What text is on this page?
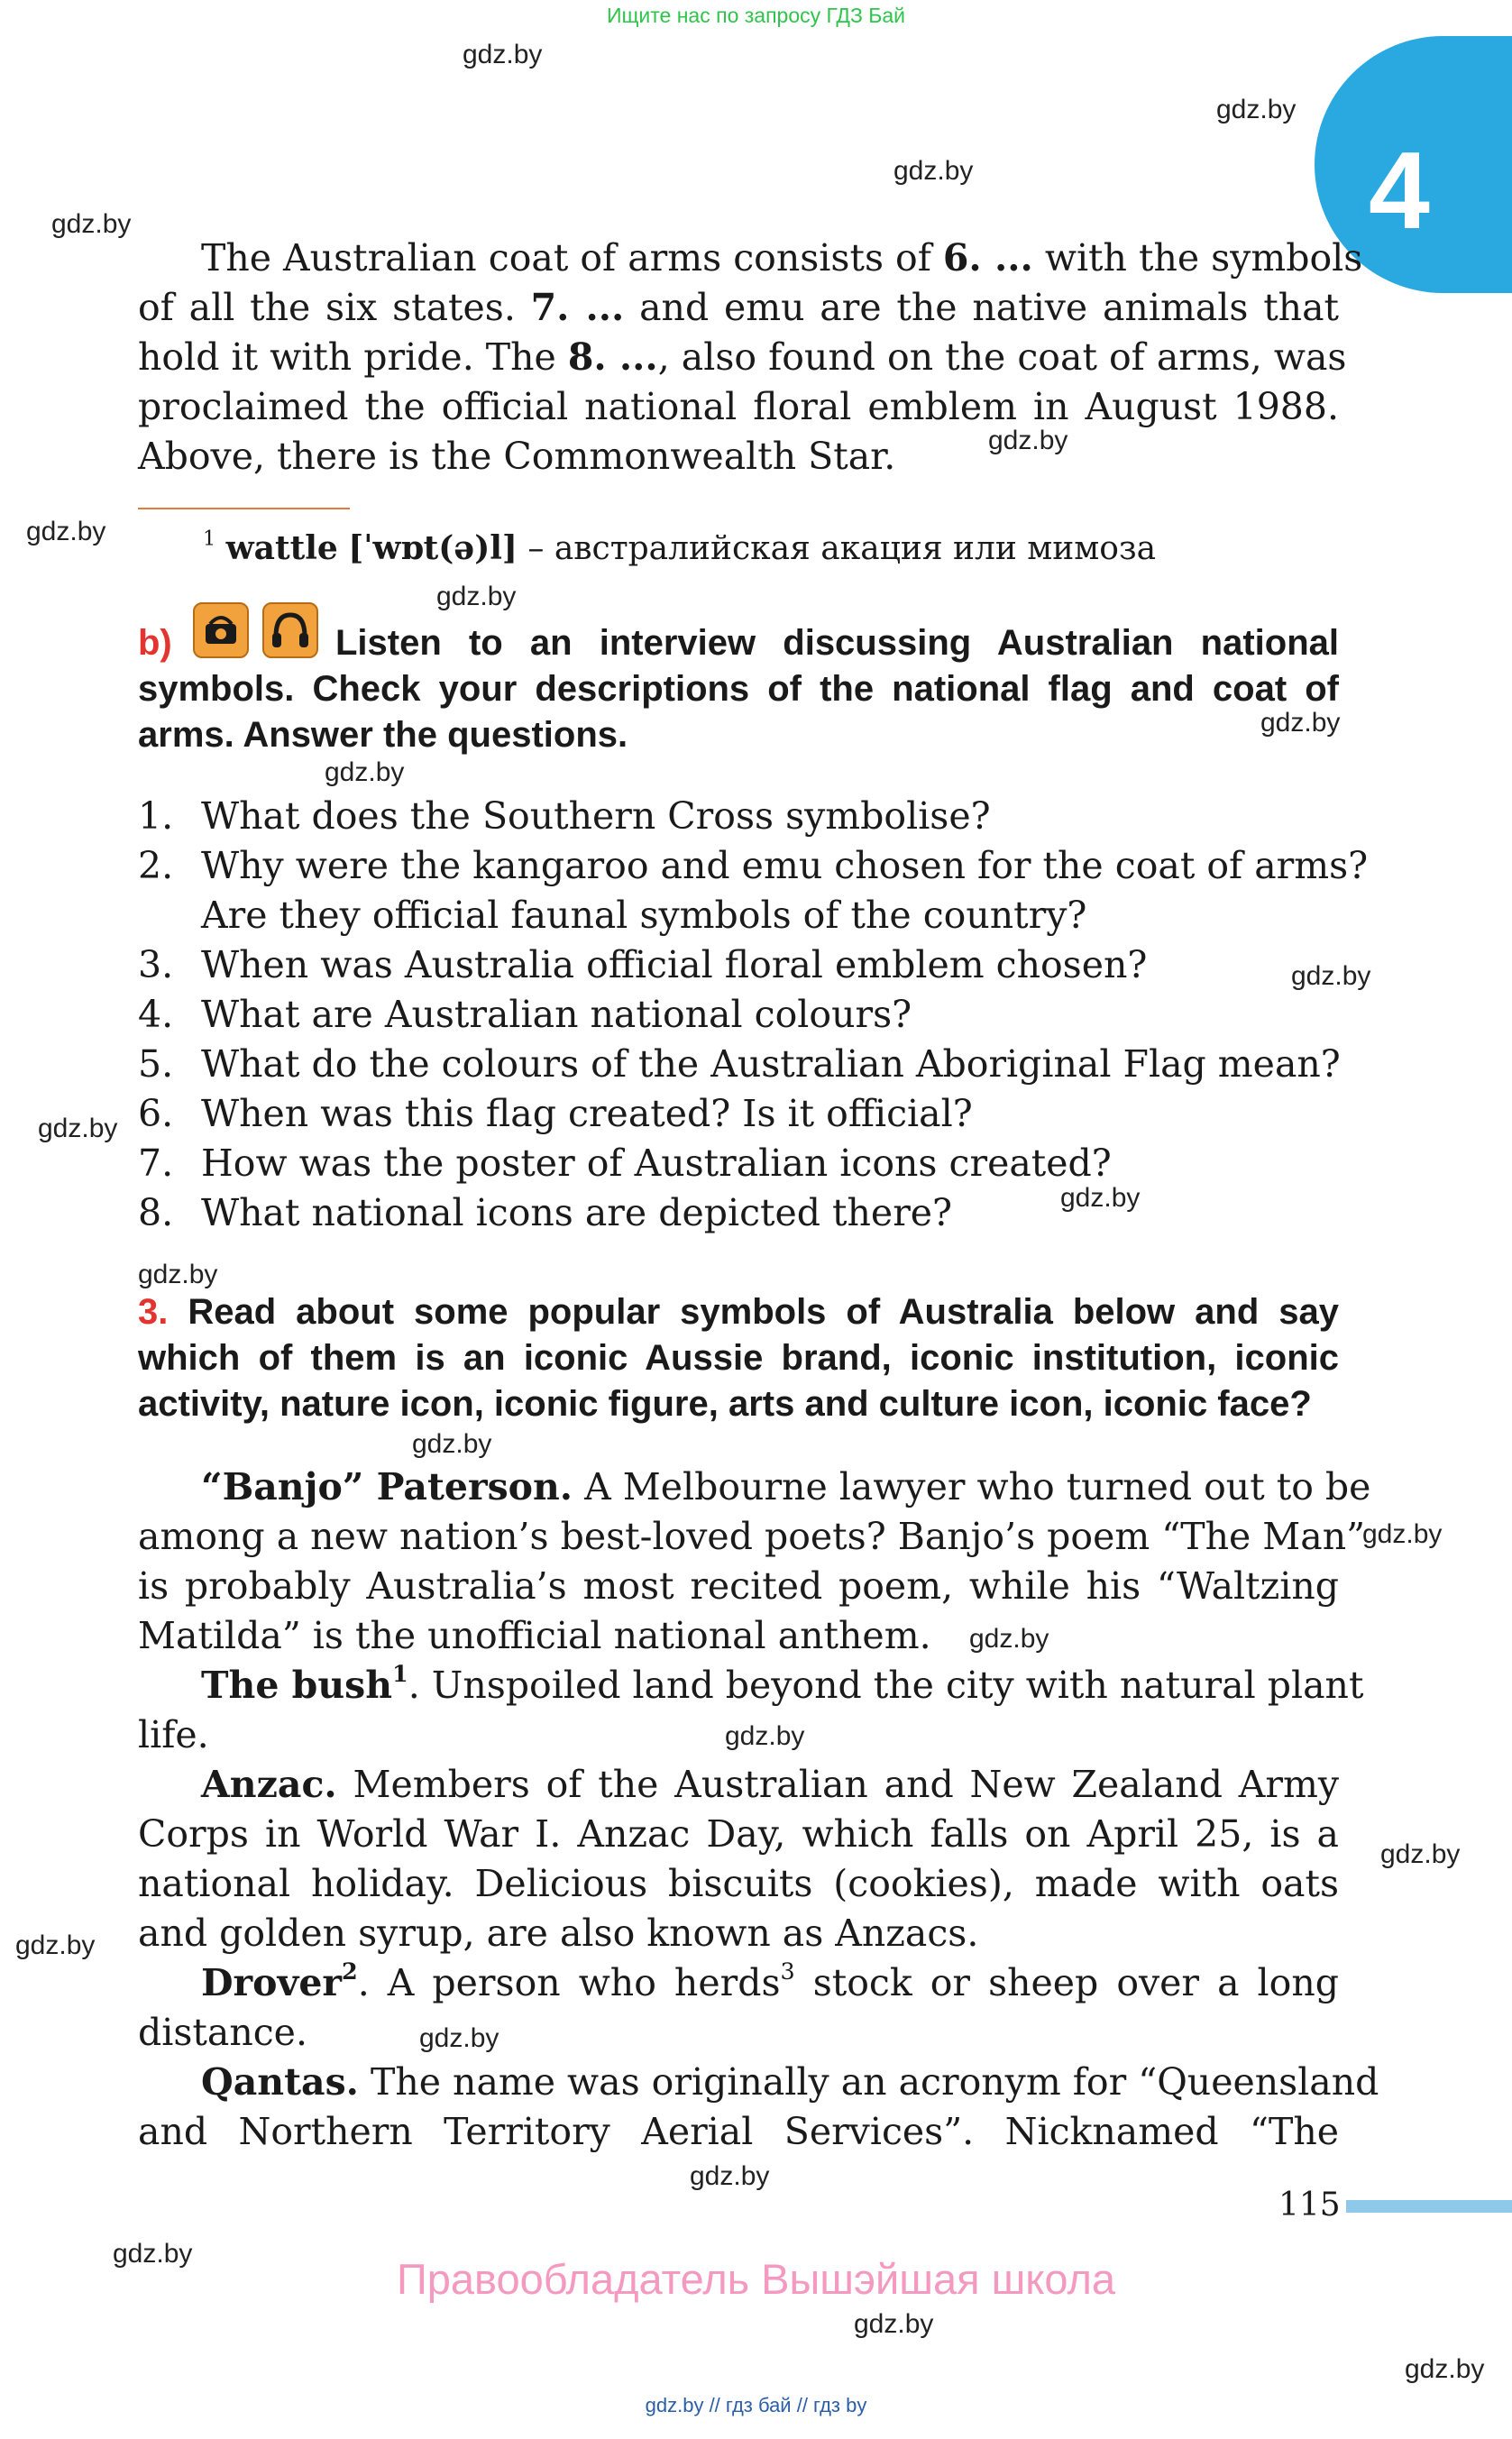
Ищите нас по запросу ГДЗ Бай
4
gdz.by
gdz.by
gdz.by
gdz.by
gdz.by
gdz.by
gdz.by
gdz.by
gdz.by
gdz.by
gdz.by
gdz.by
gdz.by
gdz.by
gdz.by
gdz.by
gdz.by
gdz.by
gdz.by
gdz.by
gdz.by
gdz.by
gdz.by
gdz.by
The Australian coat of arms consists of 6. ... with the symbols
of all the six states. 7. ... and emu are the native animals that
hold it with pride. The 8. ..., also found on the coat of arms, was
proclaimed the official national floral emblem in August 1988.
Above, there is the Commonwealth Star.
$^1$ wattle [ˈwɒt(ə)l] – австралийская акация или мимоза
b)	Listen to an interview discussing Australian national
symbols. Check your descriptions of the national flag and coat of
arms. Answer the questions.
1. What does the Southern Cross symbolise?
2. Why were the kangaroo and emu chosen for the coat of arms?
Are they official faunal symbols of the country?
3. When was Australia official floral emblem chosen?
4. What are Australian national colours?
5. What do the colours of the Australian Aboriginal Flag mean?
6. When was this flag created? Is it official?
7. How was the poster of Australian icons created?
8. What national icons are depicted there?
3. Read about some popular symbols of Australia below and say
which of them is an iconic Aussie brand, iconic institution, iconic
activity, nature icon, iconic figure, arts and culture icon, iconic face?
“Banjo” Paterson. A Melbourne lawyer who turned out to be
among a new nation’s best-loved poets? Banjo’s poem “The Man”
is probably Australia’s most recited poem, while his “Waltzing
Matilda” is the unofficial national anthem.
The bush$^1$. Unspoiled land beyond the city with natural plant
life.
Anzac. Members of the Australian and New Zealand Army
Corps in World War I. Anzac Day, which falls on April 25, is a
national holiday. Delicious biscuits (cookies), made with oats
and golden syrup, are also known as Anzacs.
Drover$^2$. A person who herds$^3$ stock or sheep over a long
distance.
Qantas. The name was originally an acronym for “Queensland
and Northern Territory Aerial Services”. Nicknamed “The
115
Правообладатель Вышэйшая школа
gdz.by // гдз бай // гдз by
